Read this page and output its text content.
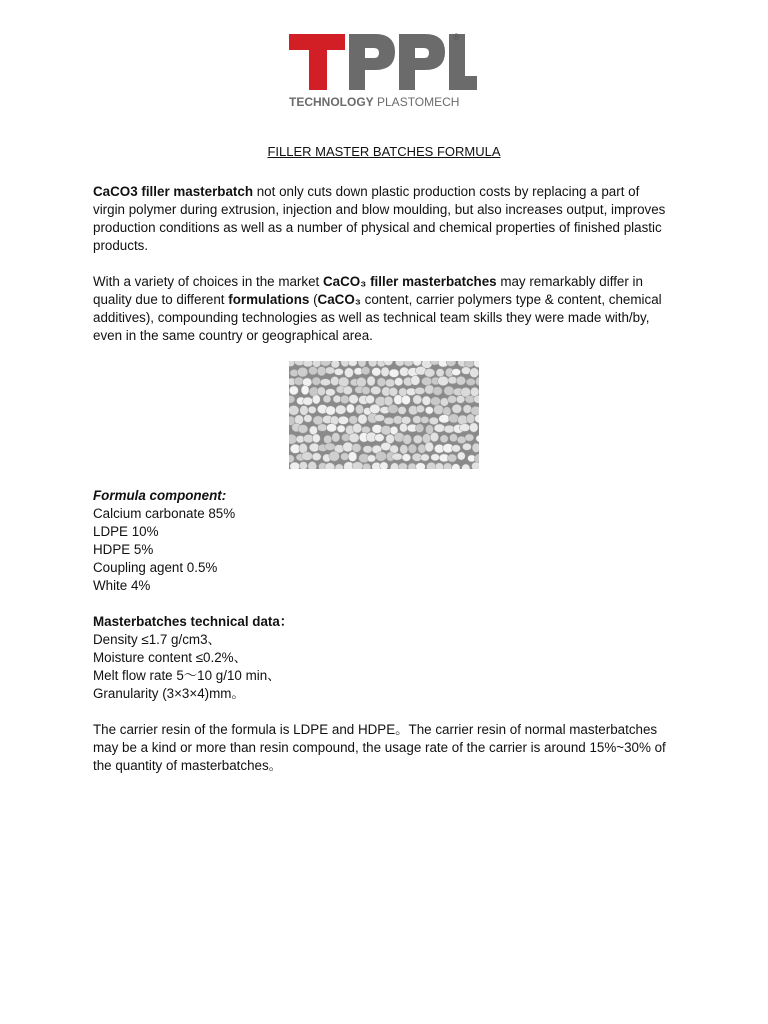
®
TECHNOLOGY PLASTOMECH

FILLER MASTER BATCHES FORMULA

CaCO3 filler masterbatch not only cuts down plastic production costs by replacing a part of virgin polymer during extrusion, injection and blow moulding, but also increases output, improves production conditions as well as a number of physical and chemical properties of finished plastic products.

With a variety of choices in the market CaCO₃ filler masterbatches may remarkably differ in quality due to different formulations (CaCO₃ content, carrier polymers type & content, chemical additives), compounding technologies as well as technical team skills they were made with/by, even in the same country or geographical area.

Formula component:

Calcium carbonate 85%
LDPE 10%
HDPE 5%
Coupling agent 0.5%
White 4%

Masterbatches technical data：

Density ≤1.7 g/cm3、
Moisture content ≤0.2%、
Melt flow rate 5～10 g/10 min、
Granularity (3×3×4)mm。

The carrier resin of the formula is LDPE and HDPE。The carrier resin of normal masterbatches may be a kind or more than resin compound, the usage rate of the carrier is around 15%~30% of the quantity of masterbatches。
